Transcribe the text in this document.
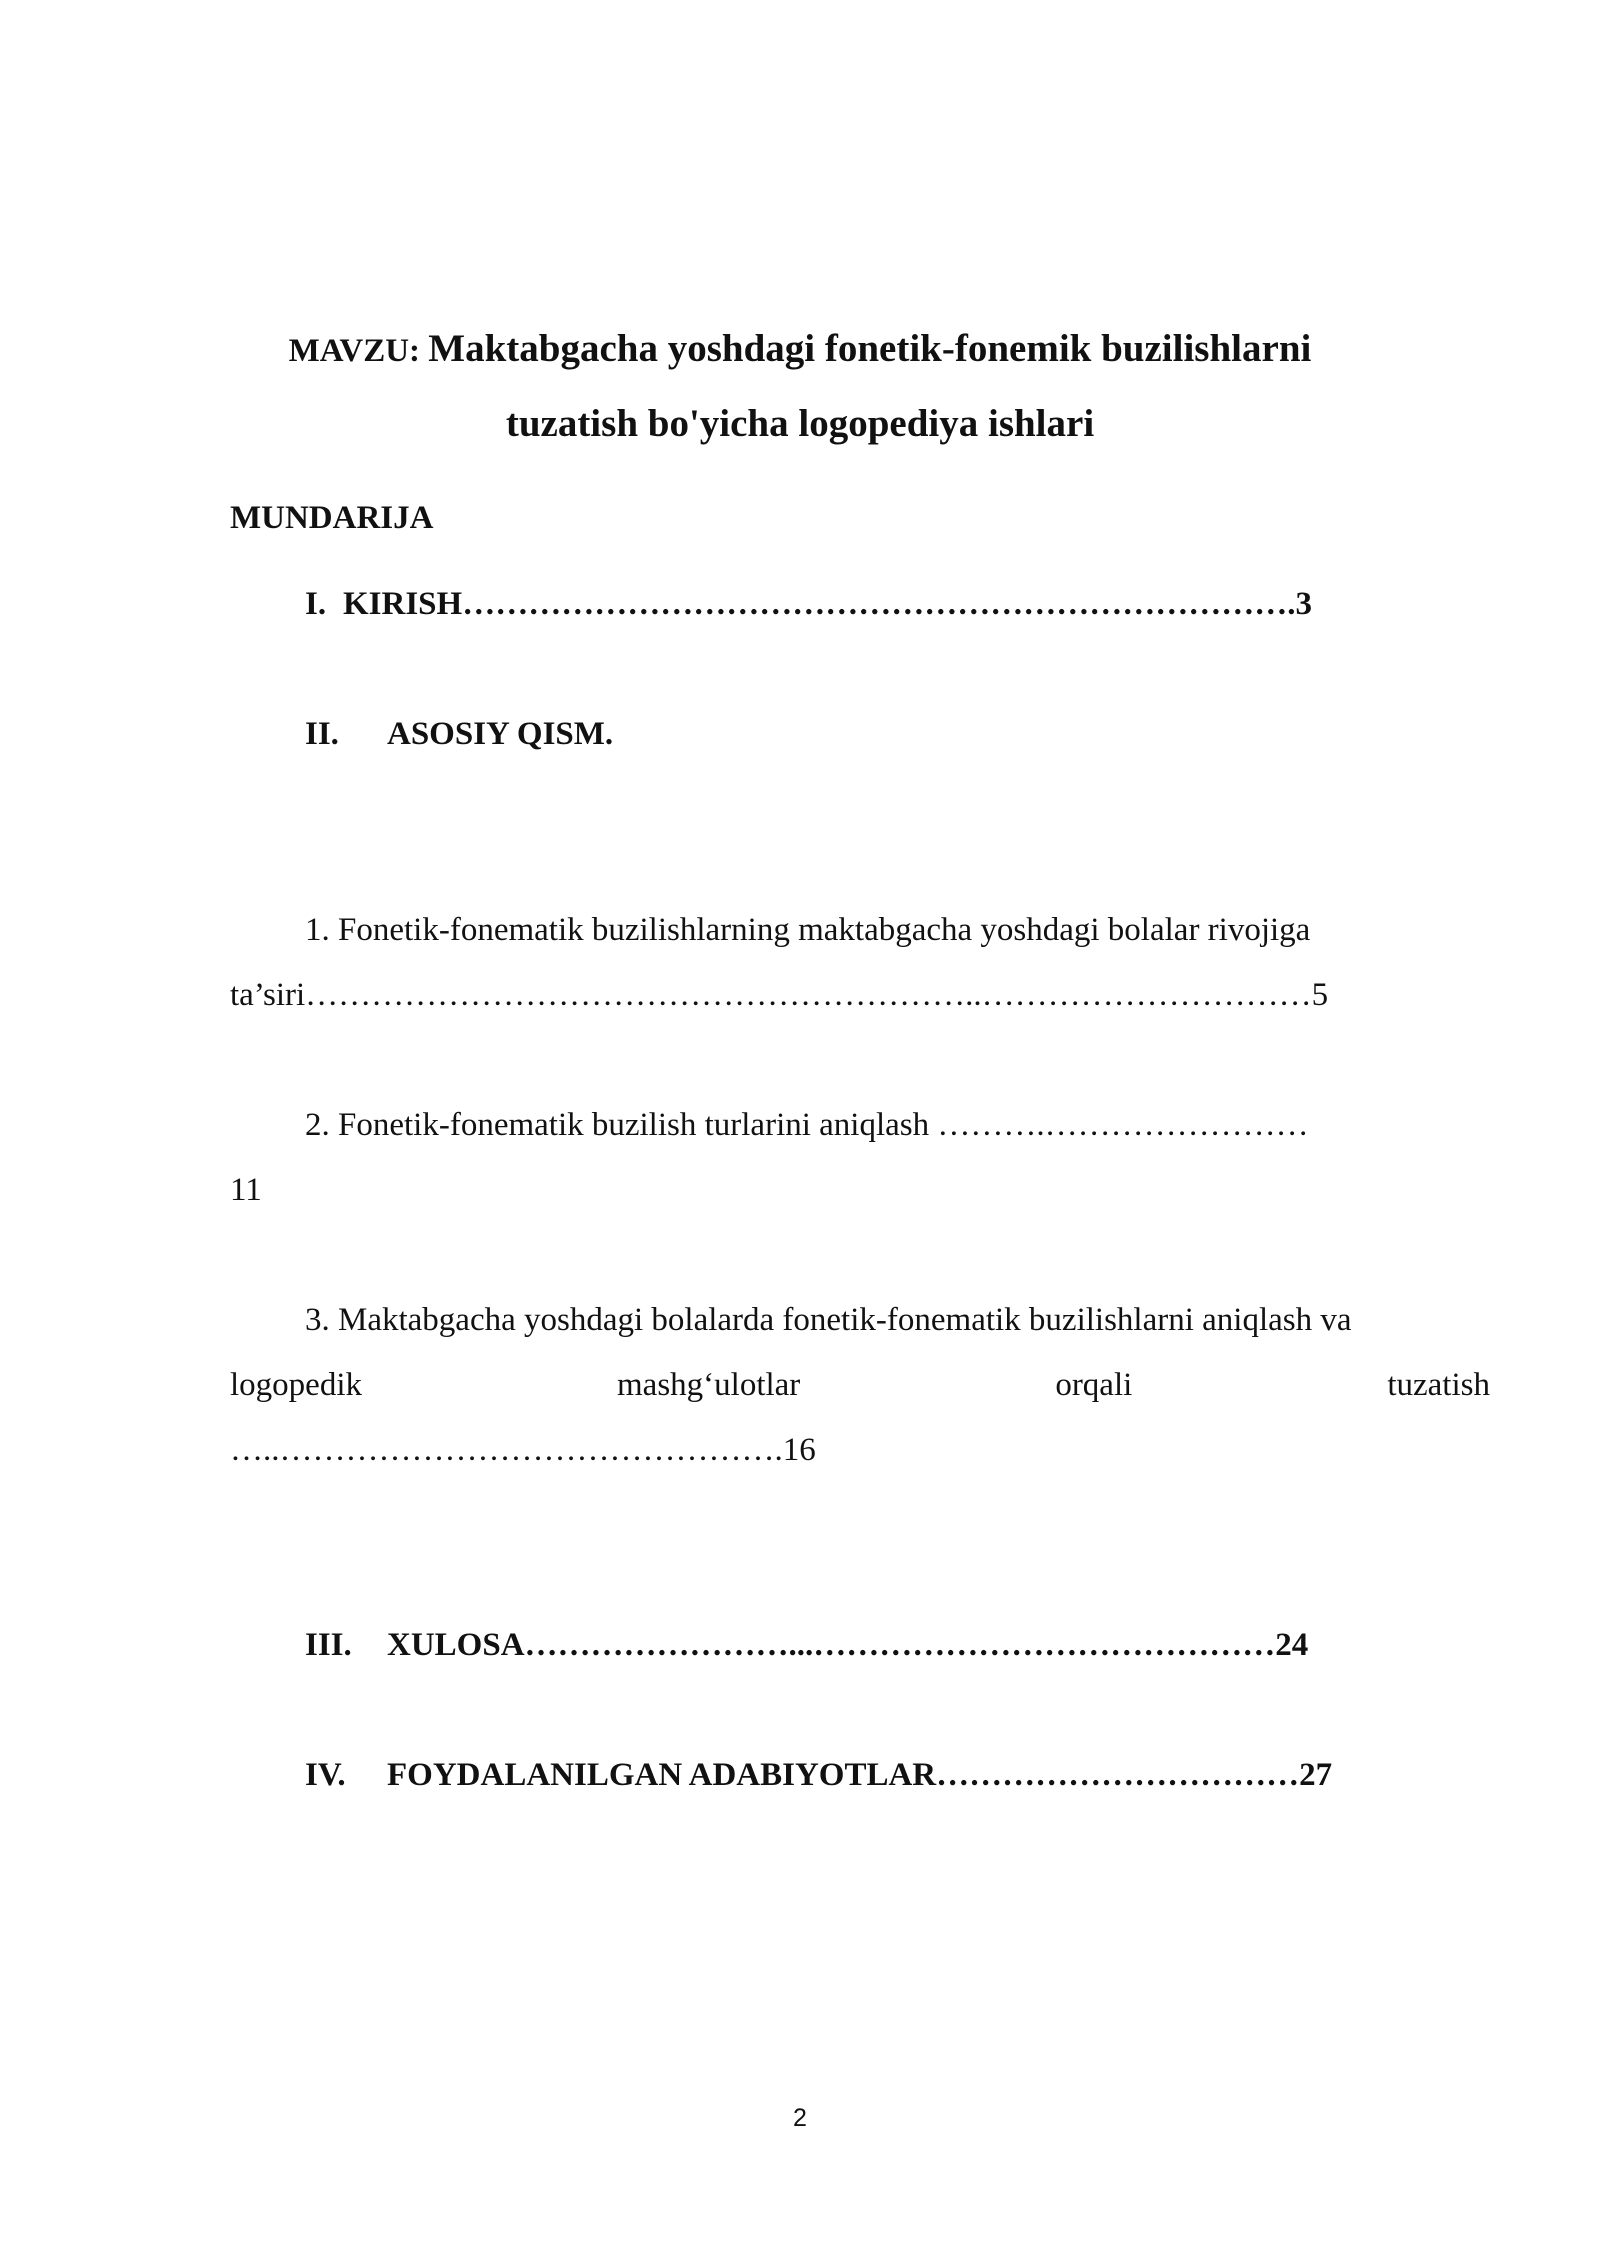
MAVZU: Maktabgacha yoshdagi fonetik-fonemik buzilishlarni
tuzatish bo'yicha logopediya ishlari
MUNDARIJA
I. KIRISH………………………………………………………………….3
II. ASOSIY QISM.
1. Fonetik-fonematik buzilishlarning maktabgacha yoshdagi bolalar rivojiga
ta’siri……………………………………………………..…………………………5
2. Fonetik-fonematik buzilish turlarini aniqlash ……….……………………
11
3. Maktabgacha yoshdagi bolalarda fonetik-fonematik buzilishlarni aniqlash va
logopedik	mashg‘ulotlar	orqali	tuzatish
…..……………………………………….16
III. XULOSA……………………...……………………………………24
IV. FOYDALANILGAN ADABIYOTLAR……………………………27
2
